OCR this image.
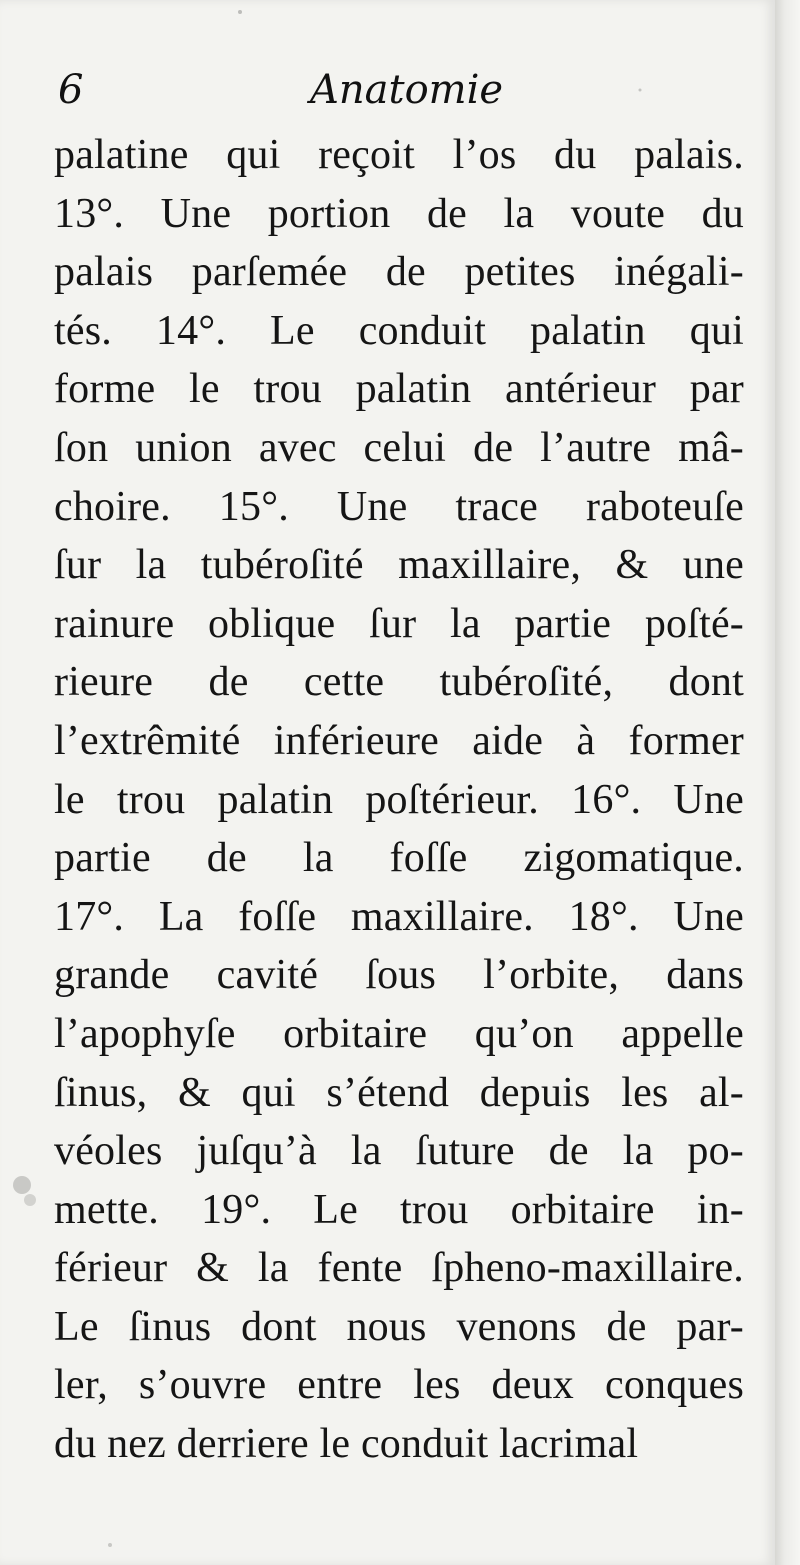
6	Anatomie
palatine qui reçoit l’os du palais.
13°. Une portion de la voute du
palais parſemée de petites inégali-
tés. 14°. Le conduit palatin qui
forme le trou palatin antérieur par
ſon union avec celui de l’autre mâ-
choire. 15°. Une trace raboteuſe
ſur la tubéroſité maxillaire, & une
rainure oblique ſur la partie poſté-
rieure de cette tubéroſité, dont
l’extrêmité inférieure aide à former
le trou palatin poſtérieur. 16°. Une
partie de la foſſe zigomatique.
17°. La foſſe maxillaire. 18°. Une
grande cavité ſous l’orbite, dans
l’apophyſe orbitaire qu’on appelle
ſinus, & qui s’étend depuis les al-
véoles juſqu’à la ſuture de la po-
mette. 19°. Le trou orbitaire in-
férieur & la fente ſpheno-maxillaire.
Le ſinus dont nous venons de par-
ler, s’ouvre entre les deux conques
du nez derriere le conduit lacrimal
